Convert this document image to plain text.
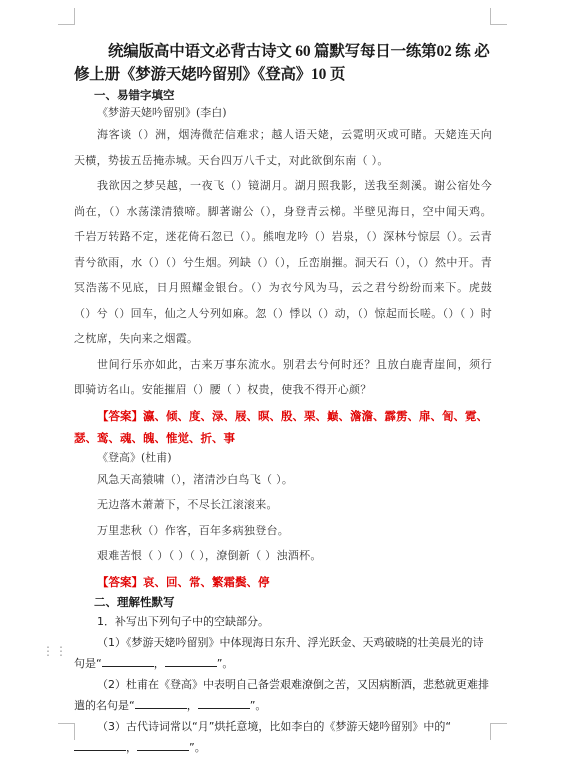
⋮⋮

统编版高中语文必背古诗文 60 篇默写每日一练第02 练 必修上册《梦游天姥吟留别》《登高》10 页

一、易错字填空

《梦游天姥吟留别》(李白)

海客谈（）洲，烟涛微茫信难求；越人语天姥，云霓明灭或可睹。天姥连天向天横，势拔五岳掩赤城。天台四万八千丈，对此欲倒东南（ ）。

我欲因之梦吴越，一夜飞（）镜湖月。湖月照我影，送我至剡溪。谢公宿处今尚在，（）水荡漾清猿啼。脚著谢公（），身登青云梯。半壁见海日，空中闻天鸡。千岩万转路不定，迷花倚石忽已（）。熊咆龙吟（）岩泉，（）深林兮惊层（）。云青青兮欲雨，水（）（）兮生烟。列缺（）（），丘峦崩摧。洞天石（），（）然中开。青冥浩荡不见底，日月照耀金银台。（）为衣兮风为马，云之君兮纷纷而来下。虎鼓（）兮（）回车，仙之人兮列如麻。忽（）悸以（）动，（）惊起而长嗟。（）（ ）时之枕席，失向来之烟霞。

世间行乐亦如此，古来万事东流水。别君去兮何时还？且放白鹿青崖间，须行即骑访名山。安能摧眉（）腰（ ）权贵，使我不得开心颜？

【答案】瀛、倾、度、渌、屐、暝、殷、栗、巅、澹澹、霹雳、扉、訇、霓、瑟、鸾、魂、魄、惟觉、折、事

《登高》(杜甫)

风急天高猿啸（），渚清沙白鸟飞（ ）。

无边落木萧萧下，不尽长江滚滚来。

万里悲秋（）作客，百年多病独登台。

艰难苦恨（ ）（ ）（ ），潦倒新（ ）浊酒杯。

【答案】哀、回、常、繁霜鬓、停

二、理解性默写

1．补写出下列句子中的空缺部分。

（1）《梦游天姥吟留别》中体现海日东升、浮光跃金、天鸡破晓的壮美晨光的诗句是“	，	”。

（2）杜甫在《登高》中表明自己备尝艰难潦倒之苦，又因病断酒，悲愁就更难排遣的名句是“	，	”。

（3）古代诗词常以“月”烘托意境，比如李白的《梦游天姥吟留别》中的“，	”。
